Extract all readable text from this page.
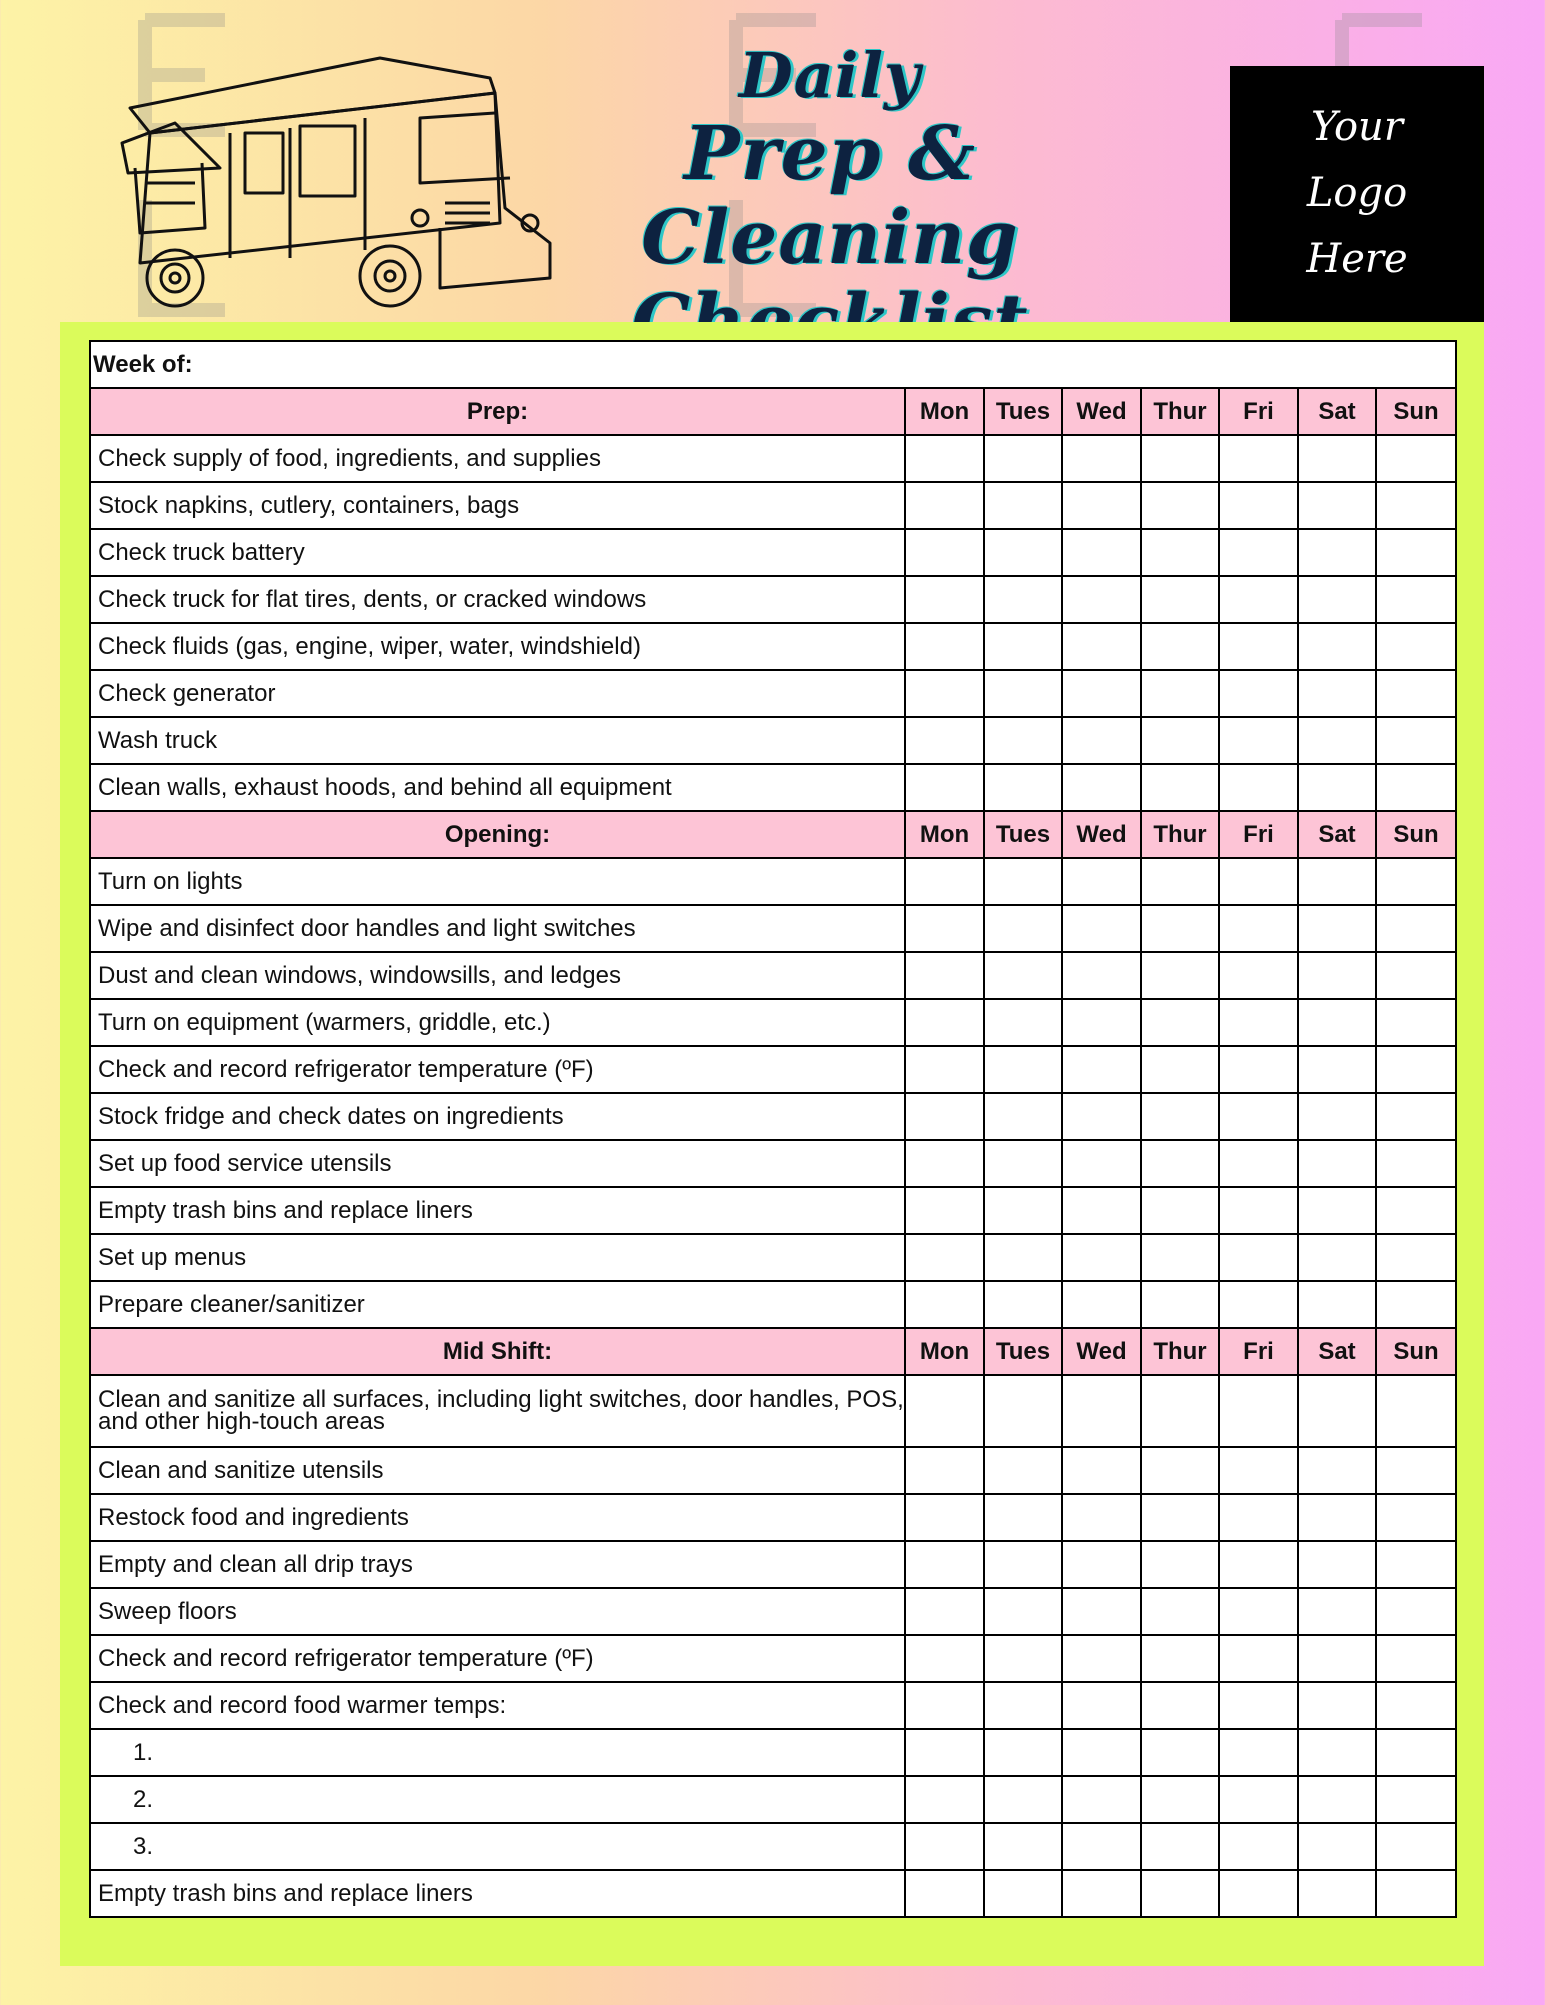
Daily
Prep & Cleaning
Your
Logo
Here
Week of:							
Prep:	Mon	Tues	Wed	Thur	Fri	Sat	Sun
Check supply of food, ingredients, and supplies							
Stock napkins, cutlery, containers, bags							
Check truck battery							
Check truck for flat tires, dents, or cracked windows							
Check fluids (gas, engine, wiper, water, windshield)							
Check generator							
Wash truck							
Clean walls, exhaust hoods, and behind all equipment							
Opening:	Mon	Tues	Wed	Thur	Fri	Sat	Sun
Turn on lights							
Wipe and disinfect door handles and light switches							
Dust and clean windows, windowsills, and ledges							
Turn on equipment (warmers, griddle, etc.)							
Check and record refrigerator temperature (ºF)							
Stock fridge and check dates on ingredients							
Set up food service utensils							
Empty trash bins and replace liners							
Set up menus							
Prepare cleaner/sanitizer							
Mid Shift:	Mon	Tues	Wed	Thur	Fri	Sat	Sun
Clean and sanitize all surfaces, including light switches, door handles, POS, and other high-touch areas							
Clean and sanitize utensils							
Restock food and ingredients							
Empty and clean all drip trays							
Sweep floors							
Check and record refrigerator temperature (ºF)							
Check and record food warmer temps:							
1.							
2.							
3.							
Empty trash bins and replace liners							
